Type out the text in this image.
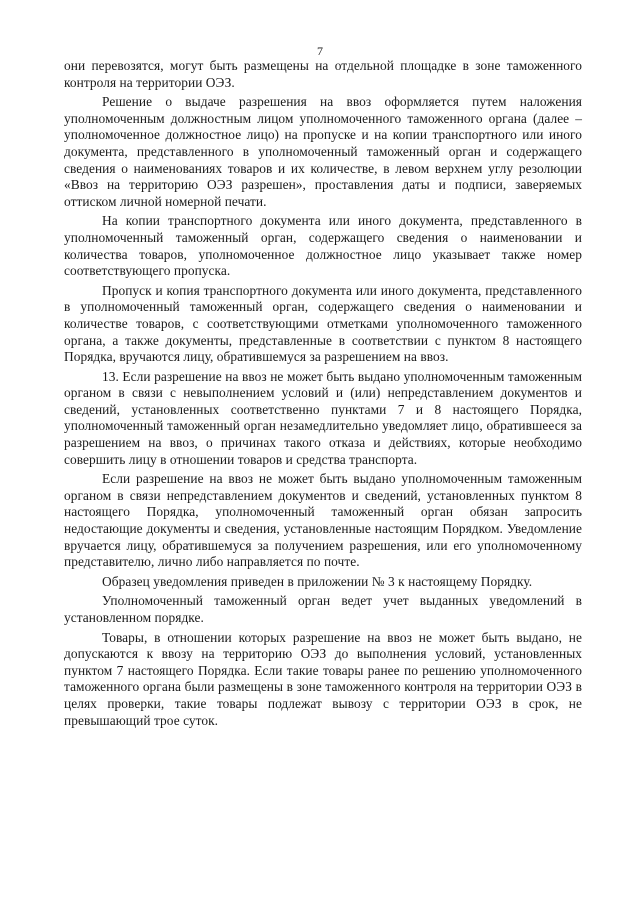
7

они перевозятся, могут быть размещены на отдельной площадке в зоне таможенного контроля на территории ОЭЗ.

Решение о выдаче разрешения на ввоз оформляется путем наложения уполномоченным должностным лицом уполномоченного таможенного органа (далее – уполномоченное должностное лицо) на пропуске и на копии транспортного или иного документа, представленного в уполномоченный таможенный орган и содержащего сведения о наименованиях товаров и их количестве, в левом верхнем углу резолюции «Ввоз на территорию ОЭЗ разрешен», проставления даты и подписи, заверяемых оттиском личной номерной печати.

На копии транспортного документа или иного документа, представленного в уполномоченный таможенный орган, содержащего сведения о наименовании и количества товаров, уполномоченное должностное лицо указывает также номер соответствующего пропуска.

Пропуск и копия транспортного документа или иного документа, представленного в уполномоченный таможенный орган, содержащего сведения о наименовании и количестве товаров, с соответствующими отметками уполномоченного таможенного органа, а также документы, представленные в соответствии с пунктом 8 настоящего Порядка, вручаются лицу, обратившемуся за разрешением на ввоз.

13. Если разрешение на ввоз не может быть выдано уполномоченным таможенным органом в связи с невыполнением условий и (или) непредставлением документов и сведений, установленных соответственно пунктами 7 и 8 настоящего Порядка, уполномоченный таможенный орган незамедлительно уведомляет лицо, обратившееся за разрешением на ввоз, о причинах такого отказа и действиях, которые необходимо совершить лицу в отношении товаров и средства транспорта.

Если разрешение на ввоз не может быть выдано уполномоченным таможенным органом в связи непредставлением документов и сведений, установленных пунктом 8 настоящего Порядка, уполномоченный таможенный орган обязан запросить недостающие документы и сведения, установленные настоящим Порядком. Уведомление вручается лицу, обратившемуся за получением разрешения, или его уполномоченному представителю, лично либо направляется по почте.

Образец уведомления приведен в приложении № 3 к настоящему Порядку.

Уполномоченный таможенный орган ведет учет выданных уведомлений в установленном порядке.

Товары, в отношении которых разрешение на ввоз не может быть выдано, не допускаются к ввозу на территорию ОЭЗ до выполнения условий, установленных пунктом 7 настоящего Порядка. Если такие товары ранее по решению уполномоченного таможенного органа были размещены в зоне таможенного контроля на территории ОЭЗ в целях проверки, такие товары подлежат вывозу с территории ОЭЗ в срок, не превышающий трое суток.
